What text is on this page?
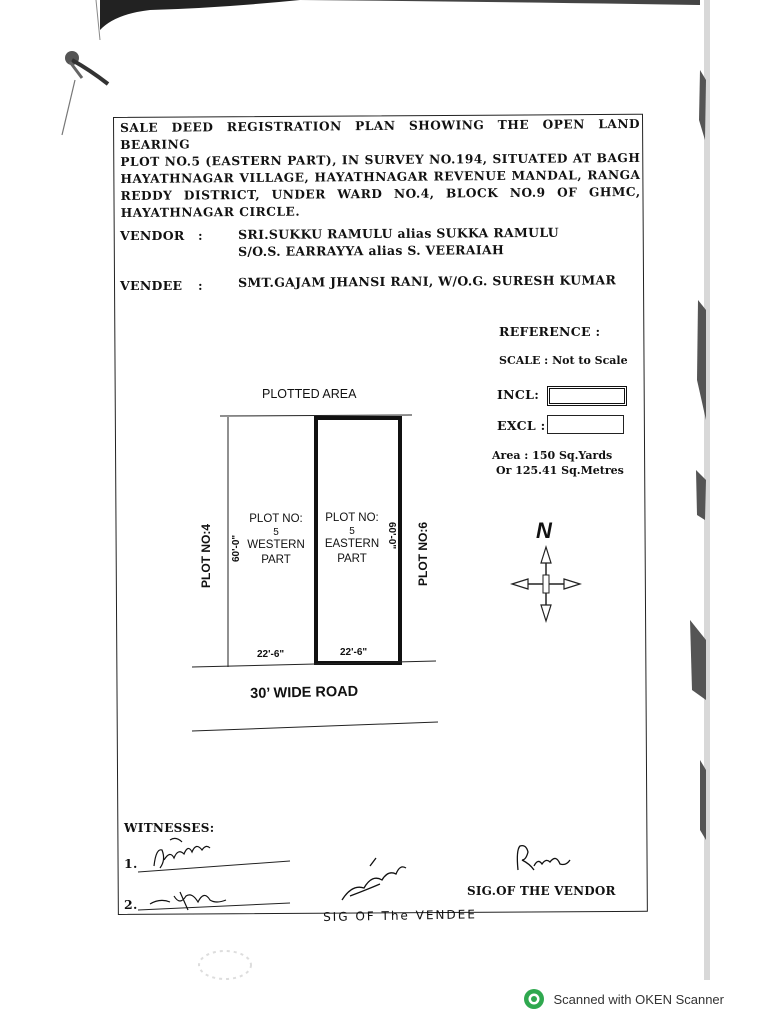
SALE DEED REGISTRATION PLAN SHOWING THE OPEN LAND BEARING
PLOT NO.5 (EASTERN PART), IN SURVEY NO.194, SITUATED AT BAGH
HAYATHNAGAR VILLAGE, HAYATHNAGAR REVENUE MANDAL, RANGA
REDDY DISTRICT, UNDER WARD NO.4, BLOCK NO.9 OF GHMC,
HAYATHNAGAR CIRCLE.
VENDOR :	SRI.SUKKU RAMULU alias SUKKA RAMULU
S/O.S. EARRAYYA alias S. VEERAIAH
VENDEE :	SMT.GAJAM JHANSI RANI, W/O.G. SURESH KUMAR
REFERENCE :
SCALE : Not to Scale
INCL:
EXCL :
Area : 150 Sq.Yards
Or 125.41 Sq.Metres
N
PLOTTED AREA
PLOT NO:4	PLOT NO:6
60'-0"	60'-0"
PLOT NO:
5
WESTERN
PART
PLOT NO:
5
EASTERN
PART
22'-6"	22'-6"
30’ WIDE ROAD
WITNESSES:
1.
2.
SIG.OF THE VENDOR
SIG OF The VENDEE
Scanned with OKEN Scanner
